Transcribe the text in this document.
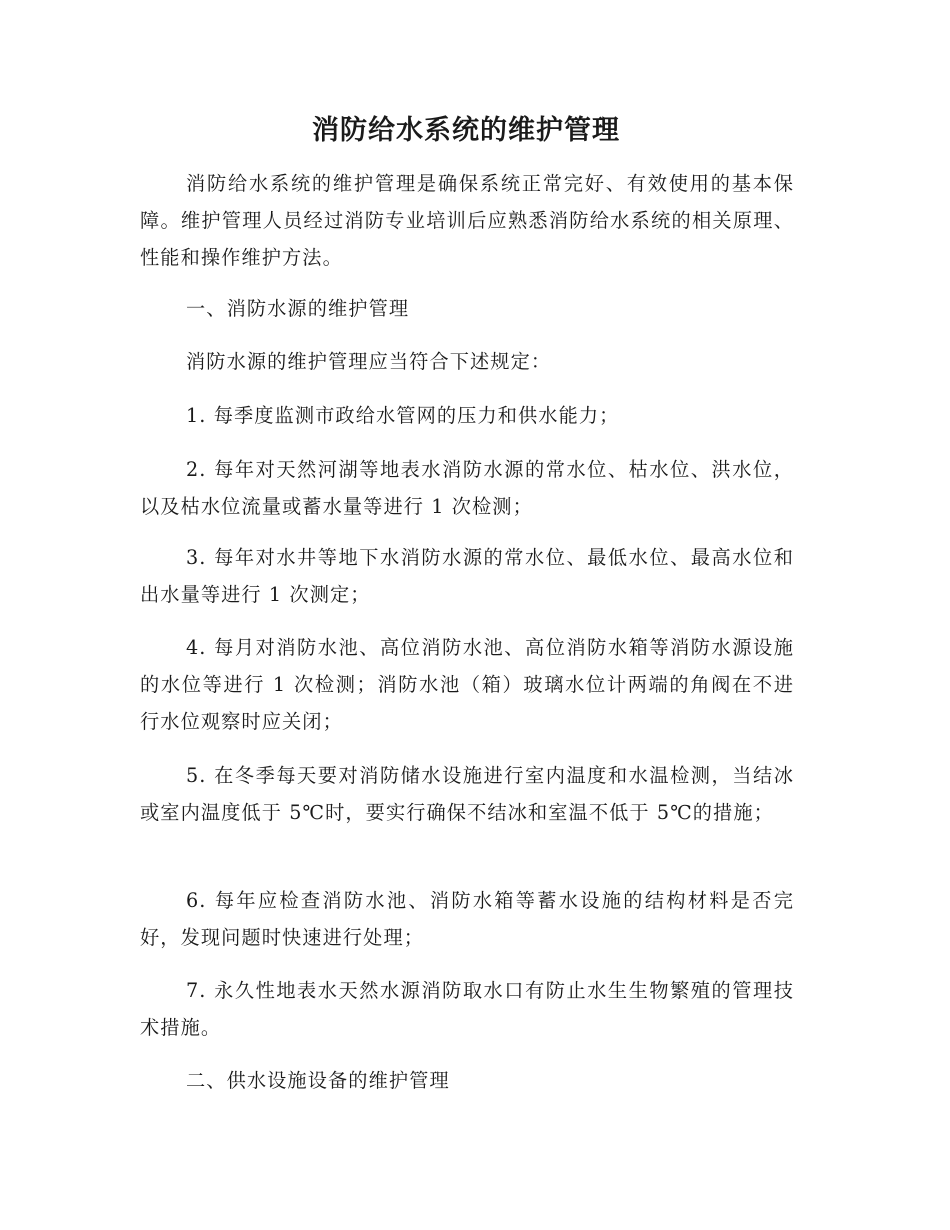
消防给水系统的维护管理

消防给水系统的维护管理是确保系统正常完好、有效使用的基本保障。维护管理人员经过消防专业培训后应熟悉消防给水系统的相关原理、性能和操作维护方法。

一、消防水源的维护管理

消防水源的维护管理应当符合下述规定：

1. 每季度监测市政给水管网的压力和供水能力；

2. 每年对天然河湖等地表水消防水源的常水位、枯水位、洪水位，以及枯水位流量或蓄水量等进行 1 次检测；

3. 每年对水井等地下水消防水源的常水位、最低水位、最高水位和出水量等进行 1 次测定；

4. 每月对消防水池、高位消防水池、高位消防水箱等消防水源设施的水位等进行 1 次检测；消防水池（箱）玻璃水位计两端的角阀在不进行水位观察时应关闭；

5. 在冬季每天要对消防储水设施进行室内温度和水温检测，当结冰或室内温度低于 5℃时，要实行确保不结冰和室温不低于 5℃的措施；

6. 每年应检查消防水池、消防水箱等蓄水设施的结构材料是否完好，发现问题时快速进行处理；

7. 永久性地表水天然水源消防取水口有防止水生生物繁殖的管理技术措施。

二、供水设施设备的维护管理
